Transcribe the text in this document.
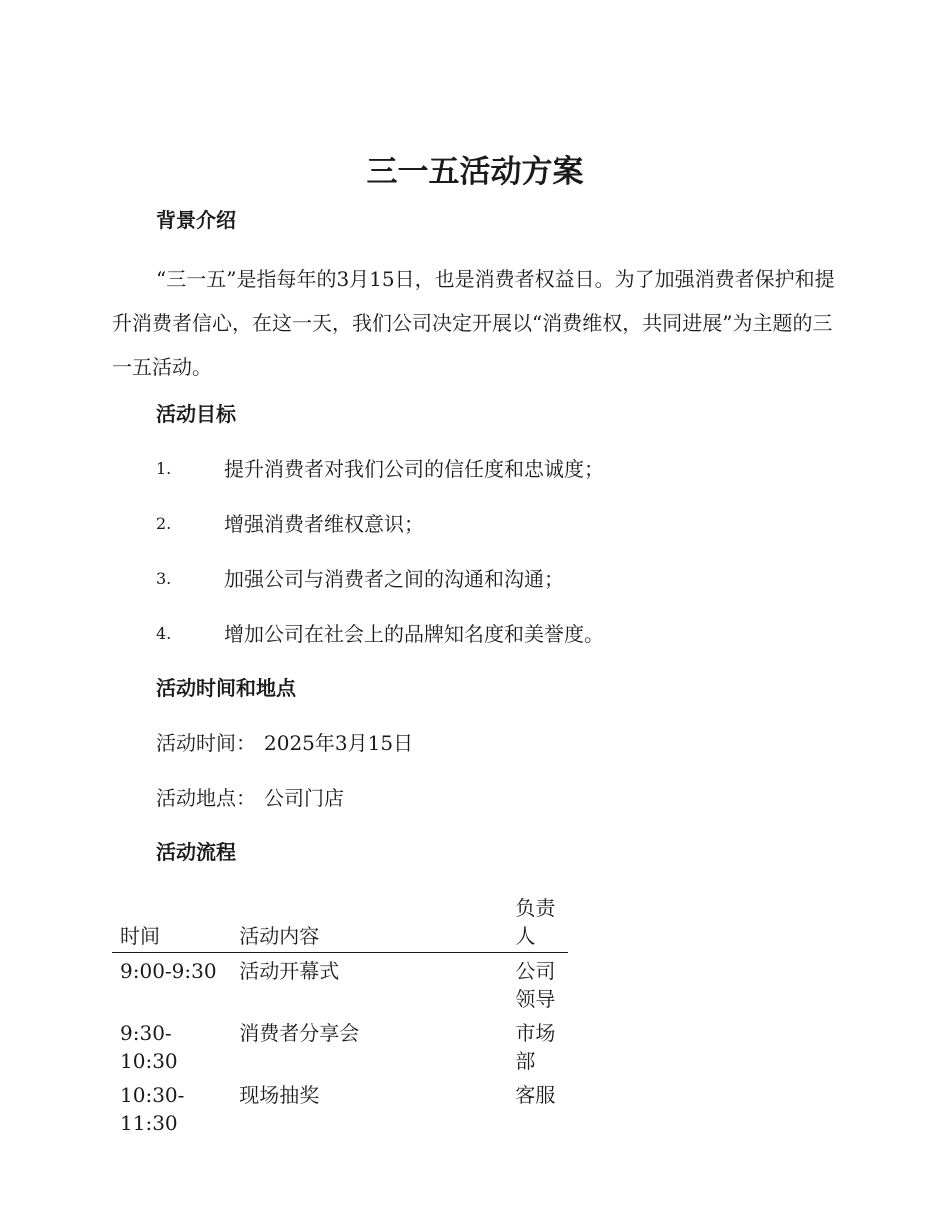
三一五活动方案
背景介绍

“三一五”是指每年的3月15日，也是消费者权益日。为了加强消费者保护和提升消费者信心，在这一天，我们公司决定开展以“消费维权，共同进展”为主题的三一五活动。

活动目标
1.	提升消费者对我们公司的信任度和忠诚度；
2.	增强消费者维权意识；
3.	加强公司与消费者之间的沟通和沟通；
4.	增加公司在社会上的品牌知名度和美誉度。
活动时间和地点

活动时间： 2025年3月15日

活动地点： 公司门店

活动流程
时间	活动内容	负责人
9:00-9:30	活动开幕式	公司领导
9:30-10:30	消费者分享会	市场部
10:30-11:30	现场抽奖	客服
